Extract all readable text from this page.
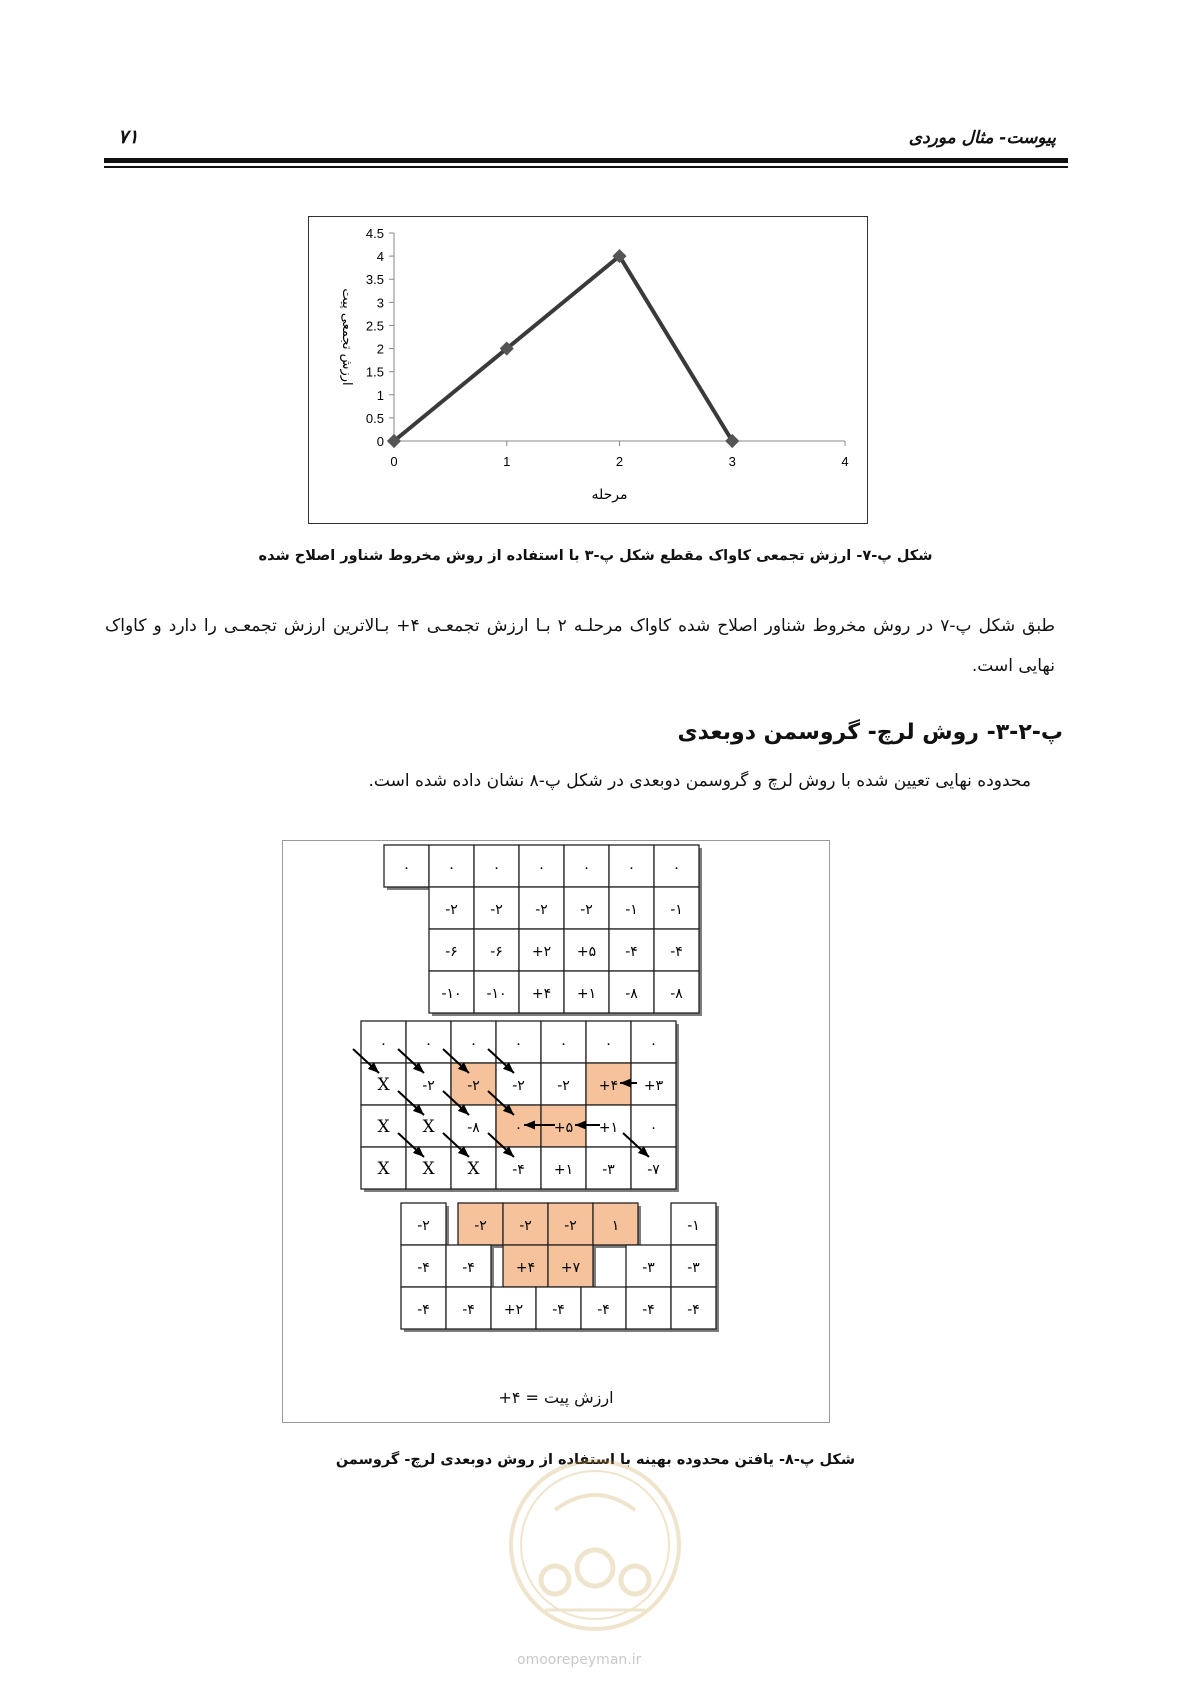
پیوست- مثال موردی
۷۱
0
0.5
1
1.5
2
2.5
3
3.5
4
4.5
0	1	2	3	4
مرحله
ارزش تجمعی پیت
شکل پ-۷- ارزش تجمعی کاواک مقطع شکل پ-۳ با استفاده از روش مخروط شناور اصلاح شده
طبق شکل پ-۷ در روش مخروط شناور اصلاح شده کاواک مرحلـه ۲ بـا ارزش تجمعـی ۴+ بـالاترین ارزش تجمعـی را دارد و کاواک نهایی است.
پ-۲-۳- روش لرچ- گروسمن دوبعدی
محدوده نهایی تعیین شده با روش لرچ و گروسمن دوبعدی در شکل پ-۸ نشان داده شده است.
۰	۰	۰	۰	۰	۰	۰
-۲ -۲ -۲ -۲ -۱ -۱
-۶ -۶ +۲ +۵ -۴ -۴
-۱۰ -۱۰ +۴ +۱ -۸ -۸
۰	۰	۰	۰	۰	۰	۰
X -۲ -۲ -۲ -۲ +۴ +۳
X X -۸ ۰ +۵ +۱ ۰
X X X -۴ +۱ -۳ -۷
-۲	-۲ -۲ -۲ ۱	-۱
-۴ -۴	+۴ +۷	-۳ -۳
-۴ -۴ +۲ -۴ -۴ -۴ -۴
ارزش پیت = ۴+
شکل پ-۸- یافتن محدوده بهینه با استفاده از روش دوبعدی لرچ- گروسمن
omoorepeyman.ir
